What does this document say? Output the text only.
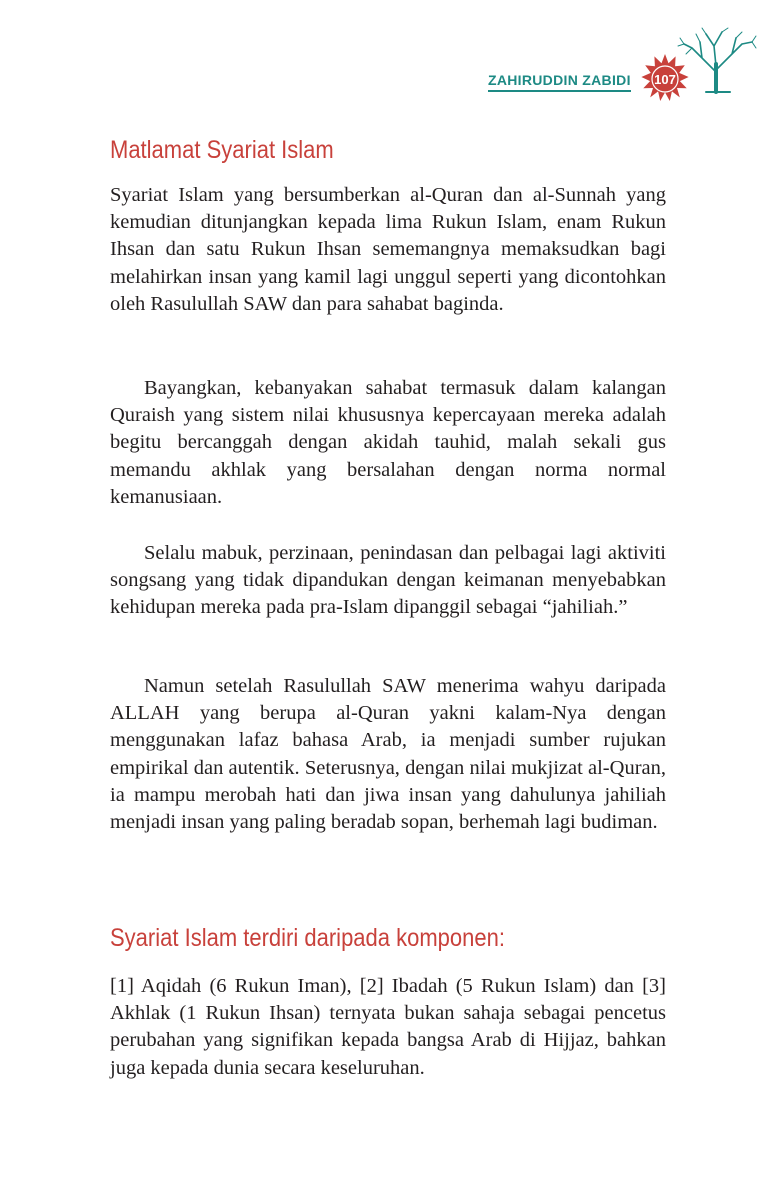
ZAHIRUDDIN ZABIDI	107
Matlamat Syariat Islam

Syariat Islam yang bersumberkan al-Quran dan al-Sunnah yang kemudian ditunjangkan kepada lima Rukun Islam, enam Rukun Ihsan dan satu Rukun Ihsan sememangnya memaksudkan bagi melahirkan insan yang kamil lagi unggul seperti yang dicontohkan oleh Rasulullah SAW dan para sahabat baginda.

Bayangkan, kebanyakan sahabat termasuk dalam kalangan Quraish yang sistem nilai khususnya kepercayaan mereka adalah begitu bercanggah dengan akidah tauhid, malah sekali gus memandu akhlak yang bersalahan dengan norma normal kemanusiaan.

Selalu mabuk, perzinaan, penindasan dan pelbagai lagi aktiviti songsang yang tidak dipandukan dengan keimanan menyebabkan kehidupan mereka pada pra-Islam dipanggil sebagai “jahiliah.”

Namun setelah Rasulullah SAW menerima wahyu daripada ALLAH yang berupa al-Quran yakni kalam-Nya dengan menggunakan lafaz bahasa Arab, ia menjadi sumber rujukan empirikal dan autentik. Seterusnya, dengan nilai mukjizat al-Quran, ia mampu merobah hati dan jiwa insan yang dahulunya jahiliah menjadi insan yang paling beradab sopan, berhemah lagi budiman.

Syariat Islam terdiri daripada komponen:

[1] Aqidah (6 Rukun Iman), [2] Ibadah (5 Rukun Islam) dan [3] Akhlak (1 Rukun Ihsan) ternyata bukan sahaja sebagai pencetus perubahan yang signifikan kepada bangsa Arab di Hijjaz, bahkan juga kepada dunia secara keseluruhan.
